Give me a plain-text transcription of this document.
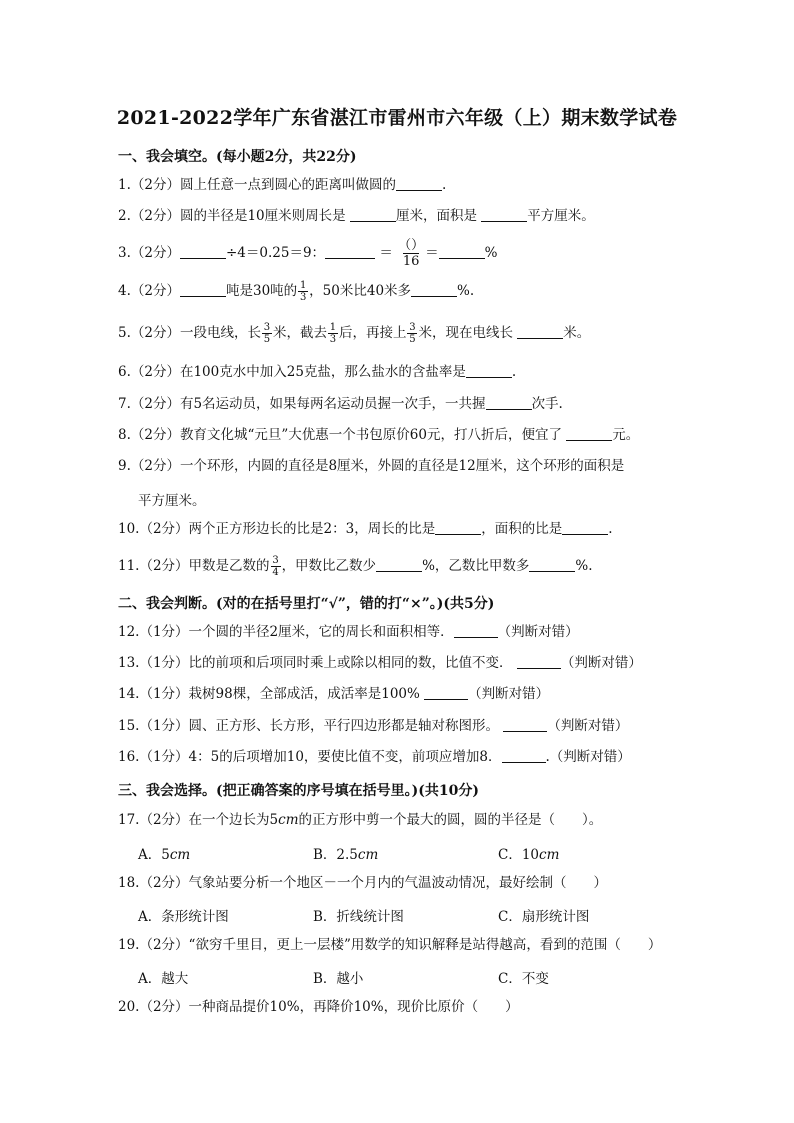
2021-2022学年广东省湛江市雷州市六年级（上）期末数学试卷
一、我会填空。(每小题2分，共22分)
1.（2分）圆上任意一点到圆心的距离叫做圆的	.
2.（2分）圆的半径是10厘米则周长是	厘米，面积是	平方厘米。
3.（2分）	÷4＝0.25＝9：	＝ $\frac{()}{16}$ ＝	%
4.（2分）	吨是30吨的 $\frac{1}{3}$ ，50米比40米多	%.
5.（2分）一段电线，长 $\frac{3}{5}$ 米，截去 $\frac{1}{3}$ 后，再接上 $\frac{3}{5}$ 米，现在电线长	米。
6.（2分）在100克水中加入25克盐，那么盐水的含盐率是	.
7.（2分）有5名运动员，如果每两名运动员握一次手，一共握	次手.
8.（2分）教育文化城“元旦”大优惠一个书包原价60元，打八折后，便宜了	元。
9.（2分）一个环形，内圆的直径是8厘米，外圆的直径是12厘米，这个环形的面积是
平方厘米。
10.（2分）两个正方形边长的比是2：3，周长的比是	，面积的比是	.
11.（2分）甲数是乙数的 $\frac{3}{4}$ ，甲数比乙数少	%，乙数比甲数多	%.
二、我会判断。(对的在括号里打“√”，错的打“×”。)(共5分)
12.（1分）一个圆的半径2厘米，它的周长和面积相等．	（判断对错）
13.（1分）比的前项和后项同时乘上或除以相同的数，比值不变．	（判断对错）
14.（1分）栽树98棵，全部成活，成活率是100%	（判断对错）
15.（1分）圆、正方形、长方形，平行四边形都是轴对称图形。	（判断对错）
16.（1分）4：5的后项增加10，要使比值不变，前项应增加8．	.（判断对错）
三、我会选择。(把正确答案的序号填在括号里。)(共10分)
17.（2分）在一个边长为5cm的正方形中剪一个最大的圆，圆的半径是（　　）。
A．5cm	B．2.5cm	C．10cm
18.（2分）气象站要分析一个地区－一个月内的气温波动情况，最好绘制（　　）
A．条形统计图	B．折线统计图	C．扇形统计图
19.（2分）“欲穷千里目，更上一层楼”用数学的知识解释是站得越高，看到的范围（　　）
A．越大	B．越小	C．不变
20.（2分）一种商品提价10%，再降价10%，现价比原价（　　）
